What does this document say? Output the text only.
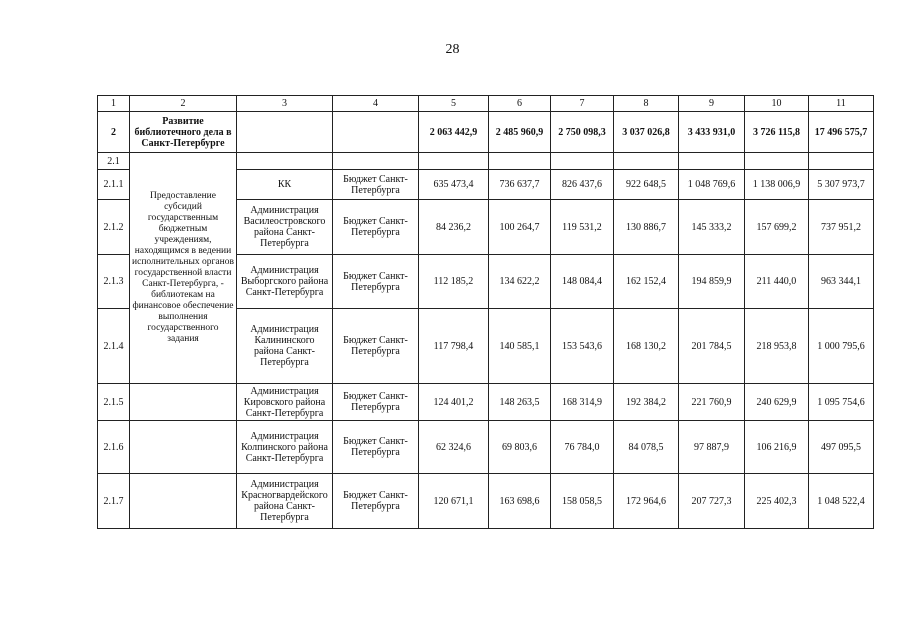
28
1	2	3	4	5	6	7	8	9	10	11
2	Развитие библиотечного дела в Санкт-Петербурге			2 063 442,9	2 485 960,9	2 750 098,3	3 037 026,8	3 433 931,0	3 726 115,8	17 496 575,7
2.1	Предоставление субсидий государственным бюджетным учреждениям, находящимся в ведении исполнительных органов государственной власти Санкт-Петербурга, - библиотекам на финансовое обеспечение выполнения государственного задания									
2.1.1		КК	Бюджет Санкт-Петербурга	635 473,4	736 637,7	826 437,6	922 648,5	1 048 769,6	1 138 006,9	5 307 973,7
2.1.2		Администрация Василеостровского района Санкт-Петербурга	Бюджет Санкт-Петербурга	84 236,2	100 264,7	119 531,2	130 886,7	145 333,2	157 699,2	737 951,2
2.1.3		Администрация Выборгского района Санкт-Петербурга	Бюджет Санкт-Петербурга	112 185,2	134 622,2	148 084,4	162 152,4	194 859,9	211 440,0	963 344,1
2.1.4		Администрация Калининского района Санкт-Петербурга	Бюджет Санкт-Петербурга	117 798,4	140 585,1	153 543,6	168 130,2	201 784,5	218 953,8	1 000 795,6
2.1.5		Администрация Кировского района Санкт-Петербурга	Бюджет Санкт-Петербурга	124 401,2	148 263,5	168 314,9	192 384,2	221 760,9	240 629,9	1 095 754,6
2.1.6		Администрация Колпинского района Санкт-Петербурга	Бюджет Санкт-Петербурга	62 324,6	69 803,6	76 784,0	84 078,5	97 887,9	106 216,9	497 095,5
2.1.7		Администрация Красногвардейского района Санкт-Петербурга	Бюджет Санкт-Петербурга	120 671,1	163 698,6	158 058,5	172 964,6	207 727,3	225 402,3	1 048 522,4
